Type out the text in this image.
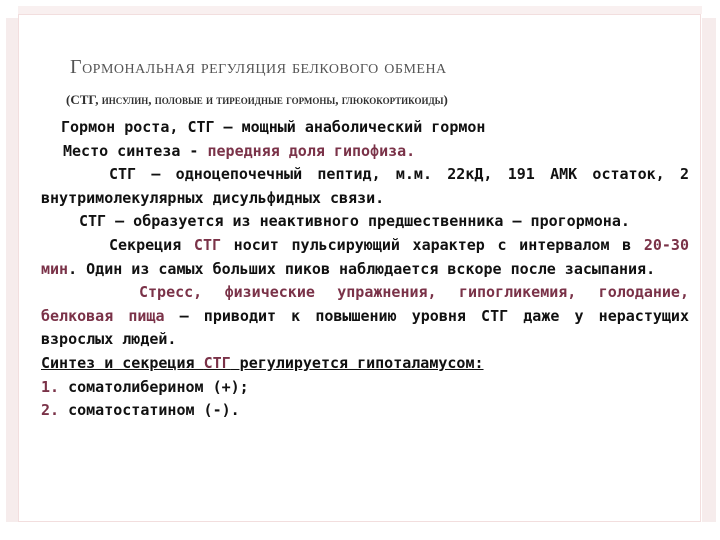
Гормональная регуляция белкового обмена
(СТГ, инсулин, половые и тиреоидные гормоны, глюкокортикоиды)

Гормон роста, СТГ – мощный анаболический гормон

Место синтеза - передняя доля гипофиза.

СТГ – одноцепочечный пептид, м.м. 22кД, 191 АМК остаток, 2 внутримолекулярных дисульфидных связи.

СТГ – образуется из неактивного предшественника – прогормона.

Секреция СТГ носит пульсирующий характер с интервалом в 20-30 мин. Один из самых больших пиков наблюдается вскоре после засыпания.

Стресс, физические упражнения, гипогликемия, голодание, белковая пища – приводит к повышению уровня СТГ даже у нерастущих взрослых людей.

Синтез и секреция СТГ регулируется гипоталамусом:

1. соматолиберином (+);

2. соматостатином (-).
